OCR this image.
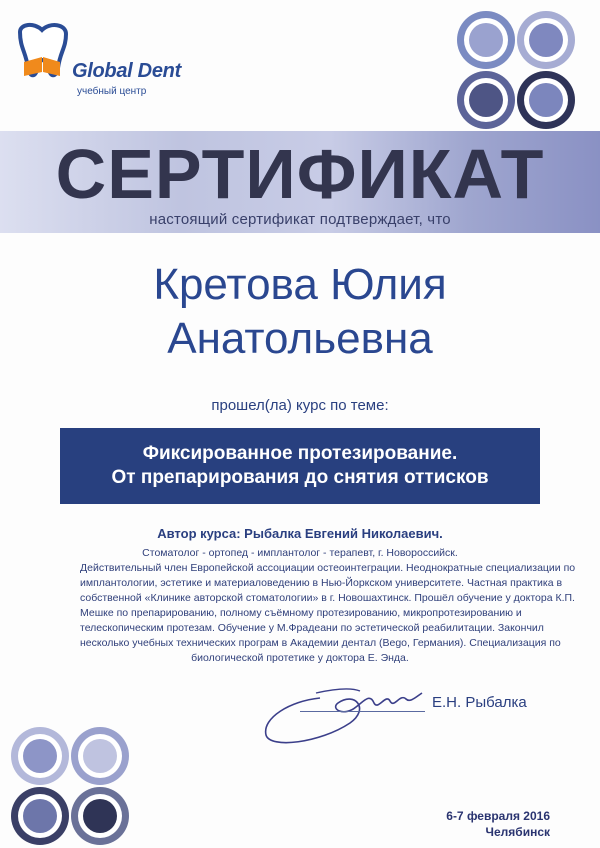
Global Dent
учебный центр
СЕРТИФИКАТ
настоящий сертификат подтверждает, что
Кретова Юлия
Анатольевна
прошел(ла) курс по теме:
Фиксированное протезирование.
От препарирования до снятия оттисков
Автор курса: Рыбалка Евгений Николаевич.
Стоматолог - ортопед - имплантолог - терапевт, г. Новороссийск.
Действительный член Европейской ассоциации остеоинтеграции. Неоднократные специализации по
имплантологии, эстетике и материаловедению в Нью-Йоркском университете. Частная практика в
собственной «Клинике авторской стоматологии» в г. Новошахтинск. Прошёл обучение у доктора К.П.
Мешке по препарированию, полному съёмному протезированию, микропротезированию и
телескопическим протезам. Обучение у М.Фрадеани по эстетической реабилитации. Закончил
несколько учебных технических програм в Академии дентал (Bego, Германия). Специализация по
биологической протетике у доктора Е. Энда.
Е.Н. Рыбалка
6-7 февраля 2016
Челябинск
